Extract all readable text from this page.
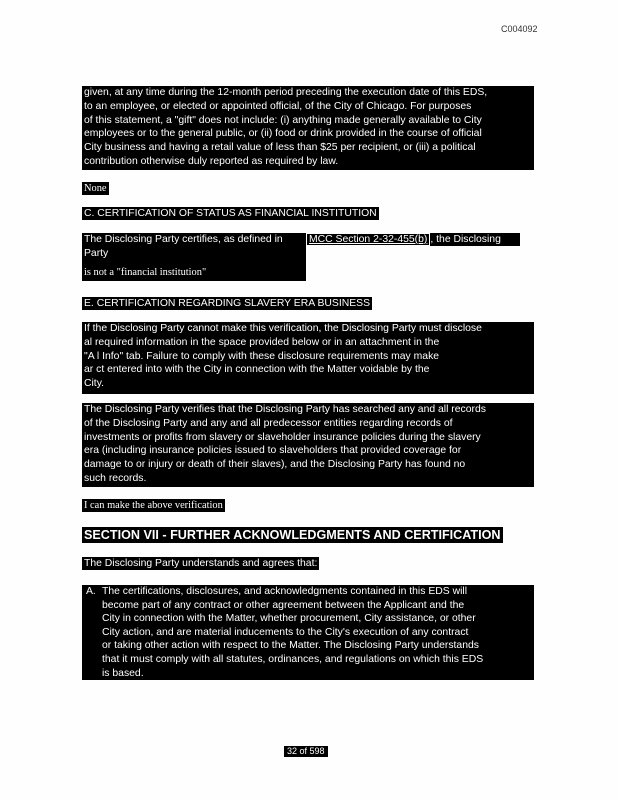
C004092

given, at any time during the 12-month period preceding the execution date of this EDS,

to an employee, or elected or appointed official, of the City of Chicago. For purposes

of this statement, a "gift" does not include: (i) anything made generally available to City

employees or to the general public, or (ii) food or drink provided in the course of official

City business and having a retail value of less than $25 per recipient, or (iii) a political

contribution otherwise duly reported as required by law.

None
C. CERTIFICATION OF STATUS AS FINANCIAL INSTITUTION

The Disclosing Party certifies, as defined in

Party

MCC Section 2-32-455(b) , the Disclosing

is not a "financial institution"

E. CERTIFICATION REGARDING SLAVERY ERA BUSINESS

If the Disclosing Party cannot make this verification, the Disclosing Party must disclose

al required information in the space provided below or in an attachment in the

"A l Info" tab. Failure to comply with these disclosure requirements may make

ar ct entered into with the City in connection with the Matter voidable by the

City.

The Disclosing Party verifies that the Disclosing Party has searched any and all records

of the Disclosing Party and any and all predecessor entities regarding records of

investments or profits from slavery or slaveholder insurance policies during the slavery

era (including insurance policies issued to slaveholders that provided coverage for

damage to or injury or death of their slaves), and the Disclosing Party has found no

such records.

I can make the above verification
SECTION VII - FURTHER ACKNOWLEDGMENTS AND CERTIFICATION
The Disclosing Party understands and agrees that:
A. The certifications, disclosures, and acknowledgments contained in this EDS will

become part of any contract or other agreement between the Applicant and the

City in connection with the Matter, whether procurement, City assistance, or other

City action, and are material inducements to the City's execution of any contract

or taking other action with respect to the Matter. The Disclosing Party understands

that it must comply with all statutes, ordinances, and regulations on which this EDS

is based.

32 of 598
